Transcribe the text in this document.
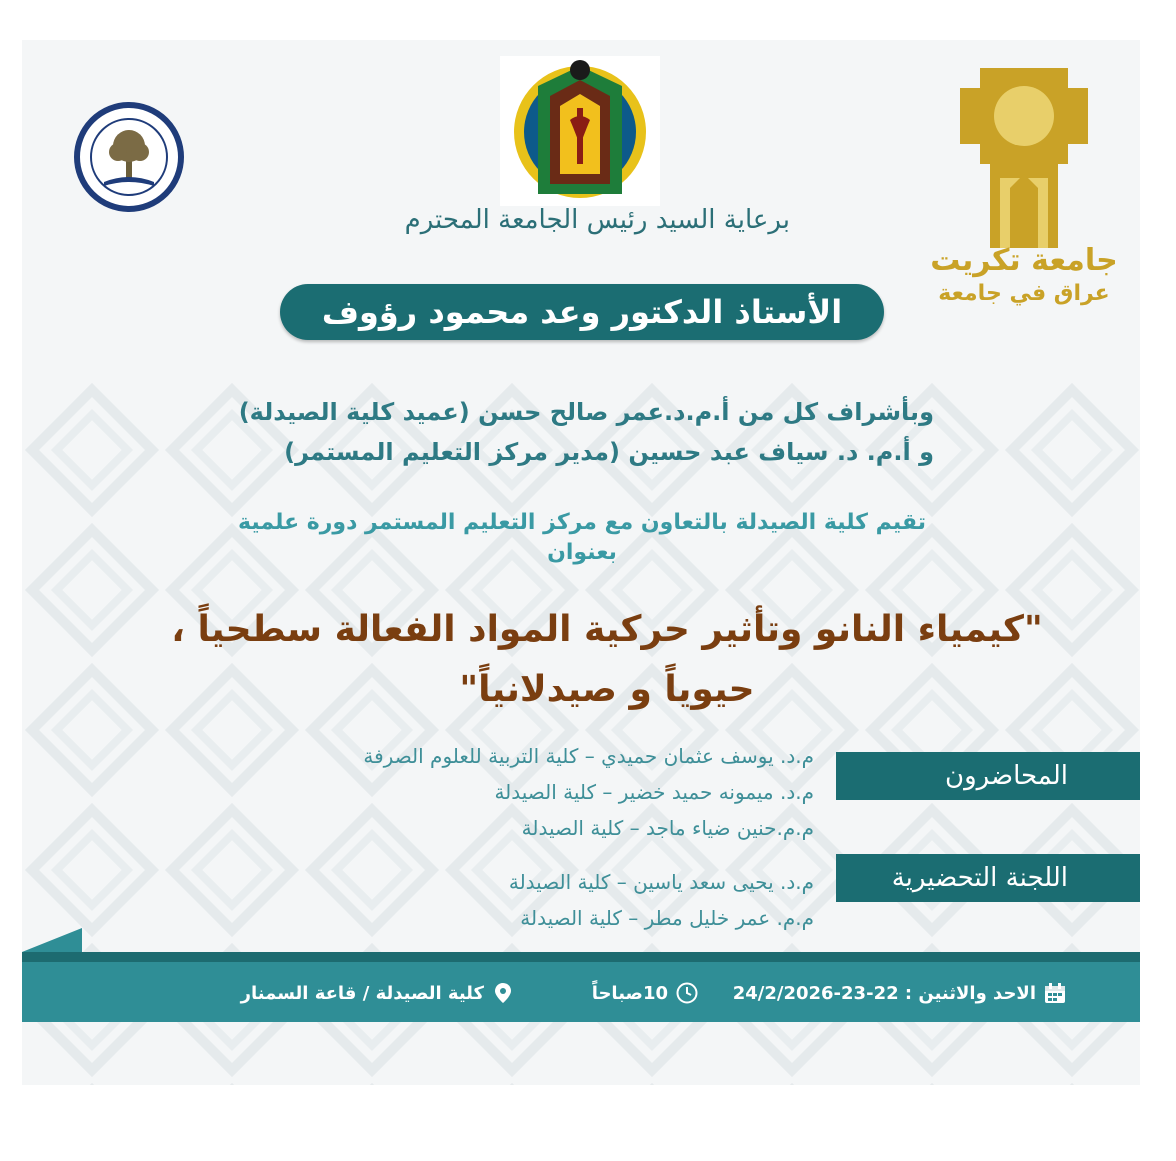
جامعة تكريت
عراق في جامعة
برعاية السيد رئيس الجامعة المحترم
الأستاذ الدكتور وعد محمود رؤوف
وبأشراف كل من أ.م.د.عمر صالح حسن (عميد كلية الصيدلة)
و أ.م. د. سياف عبد حسين (مدير مركز التعليم المستمر)
تقيم كلية الصيدلة بالتعاون مع مركز التعليم المستمر دورة علمية
بعنوان
"كيمياء النانو وتأثير حركية المواد الفعالة سطحياً ،
حيوياً و صيدلانياً"
المحاضرون
م.د. يوسف عثمان حميدي – كلية التربية للعلوم الصرفة
م.د. ميمونه حميد خضير – كلية الصيدلة
م.م.حنين ضياء ماجد – كلية الصيدلة
اللجنة التحضيرية
م.د. يحيى سعد ياسين – كلية الصيدلة
م.م. عمر خليل مطر – كلية الصيدلة
الاحد والاثنين : 22-23-24/2/2026
10صباحاً
كلية الصيدلة / قاعة السمنار
